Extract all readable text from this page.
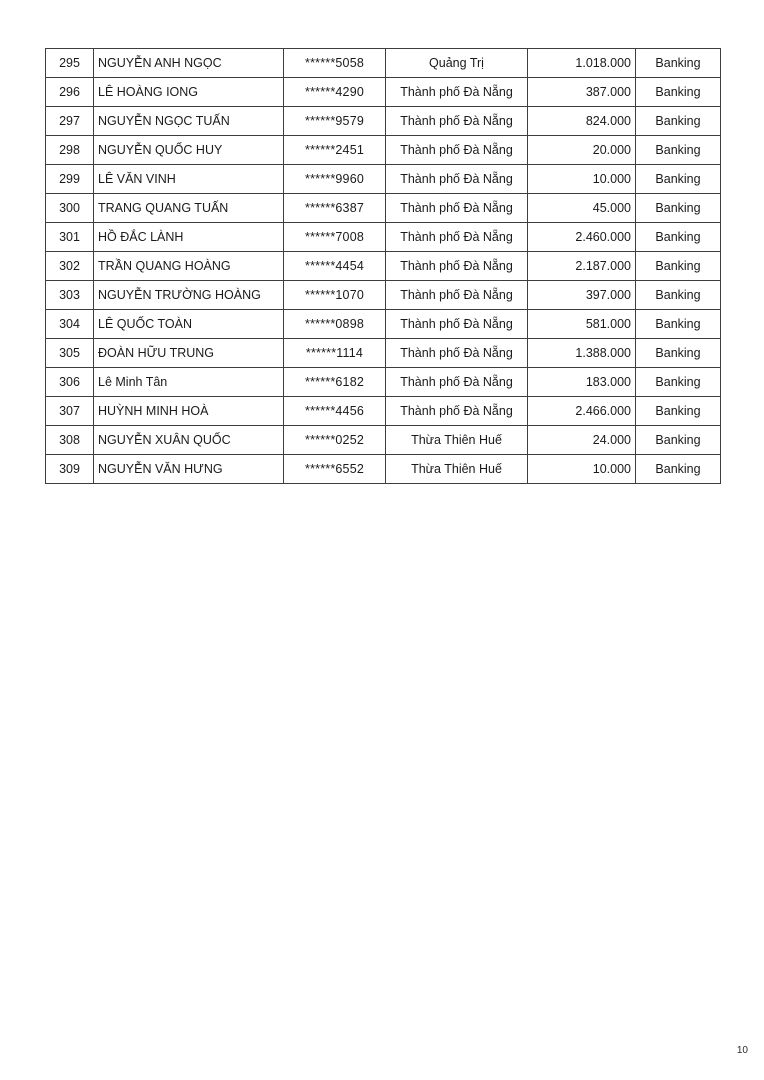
295	NGUYỄN ANH NGỌC	******5058	Quảng Trị	1.018.000	Banking
296	LÊ HOÀNG IONG	******4290	Thành phố Đà Nẵng	387.000	Banking
297	NGUYỄN NGỌC TUẤN	******9579	Thành phố Đà Nẵng	824.000	Banking
298	NGUYỄN QUỐC HUY	******2451	Thành phố Đà Nẵng	20.000	Banking
299	LÊ VĂN VINH	******9960	Thành phố Đà Nẵng	10.000	Banking
300	TRANG QUANG TUẤN	******6387	Thành phố Đà Nẵng	45.000	Banking
301	HỒ ĐẮC LÀNH	******7008	Thành phố Đà Nẵng	2.460.000	Banking
302	TRẦN QUANG HOÀNG	******4454	Thành phố Đà Nẵng	2.187.000	Banking
303	NGUYỄN TRƯỜNG HOÀNG	******1070	Thành phố Đà Nẵng	397.000	Banking
304	LÊ QUỐC TOÀN	******0898	Thành phố Đà Nẵng	581.000	Banking
305	ĐOÀN HỮU TRUNG	******1114	Thành phố Đà Nẵng	1.388.000	Banking
306	Lê Minh Tân	******6182	Thành phố Đà Nẵng	183.000	Banking
307	HUỲNH MINH HOÀ	******4456	Thành phố Đà Nẵng	2.466.000	Banking
308	NGUYỄN XUÂN QUỐC	******0252	Thừa Thiên Huế	24.000	Banking
309	NGUYỄN VĂN HƯNG	******6552	Thừa Thiên Huế	10.000	Banking
10
